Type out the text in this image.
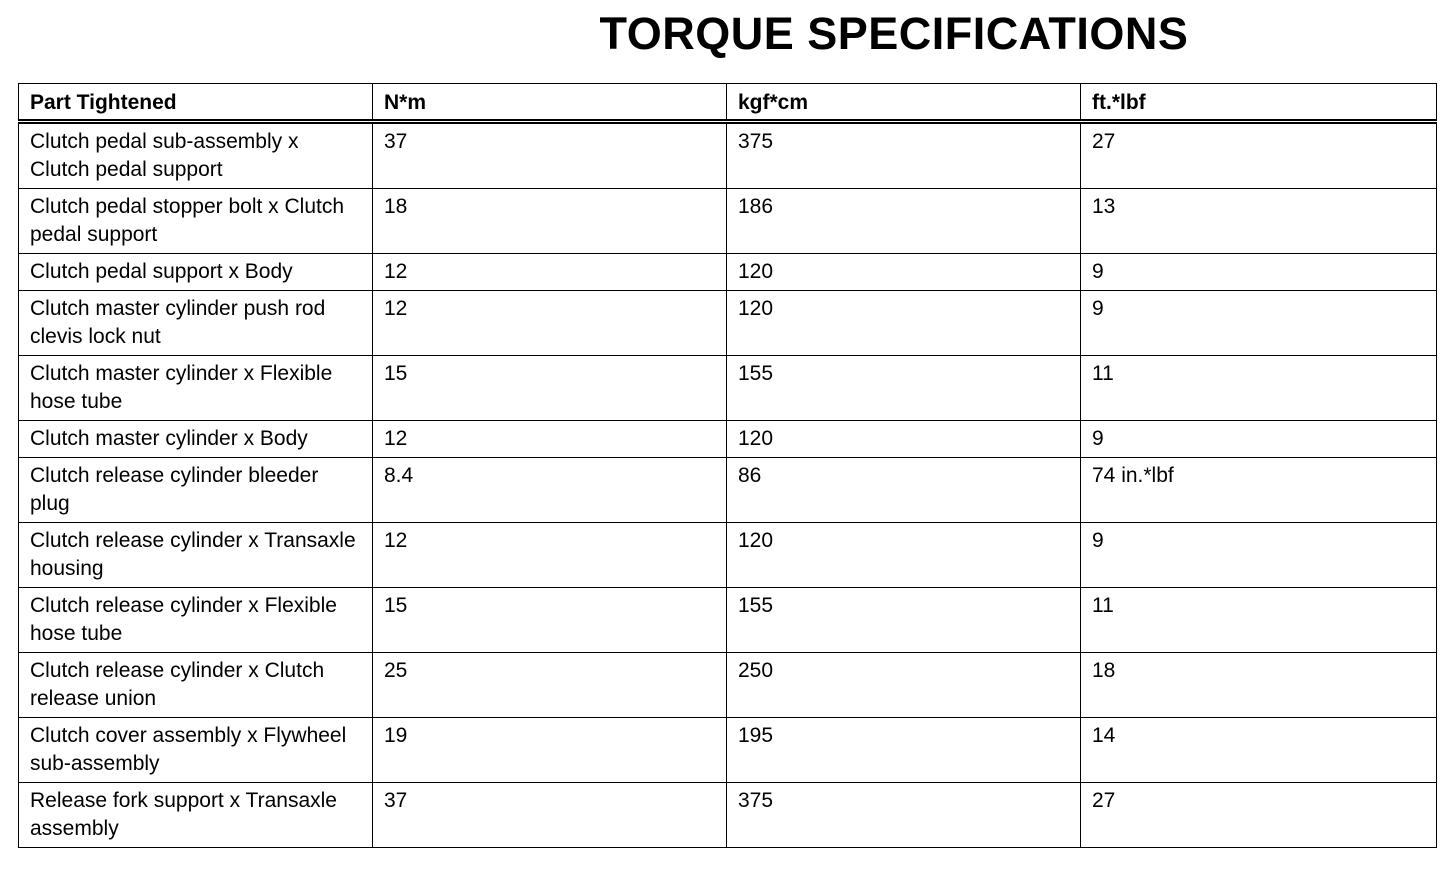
TORQUE SPECIFICATIONS
Part Tightened	N*m	kgf*cm	ft.*lbf
Clutch pedal sub-assembly x Clutch pedal support	37	375	27
Clutch pedal stopper bolt x Clutch pedal support	18	186	13
Clutch pedal support x Body	12	120	9
Clutch master cylinder push rod clevis lock nut	12	120	9
Clutch master cylinder x Flexible hose tube	15	155	11
Clutch master cylinder x Body	12	120	9
Clutch release cylinder bleeder plug	8.4	86	74 in.*lbf
Clutch release cylinder x Transaxle housing	12	120	9
Clutch release cylinder x Flexible hose tube	15	155	11
Clutch release cylinder x Clutch release union	25	250	18
Clutch cover assembly x Flywheel sub-assembly	19	195	14
Release fork support x Transaxle assembly	37	375	27
